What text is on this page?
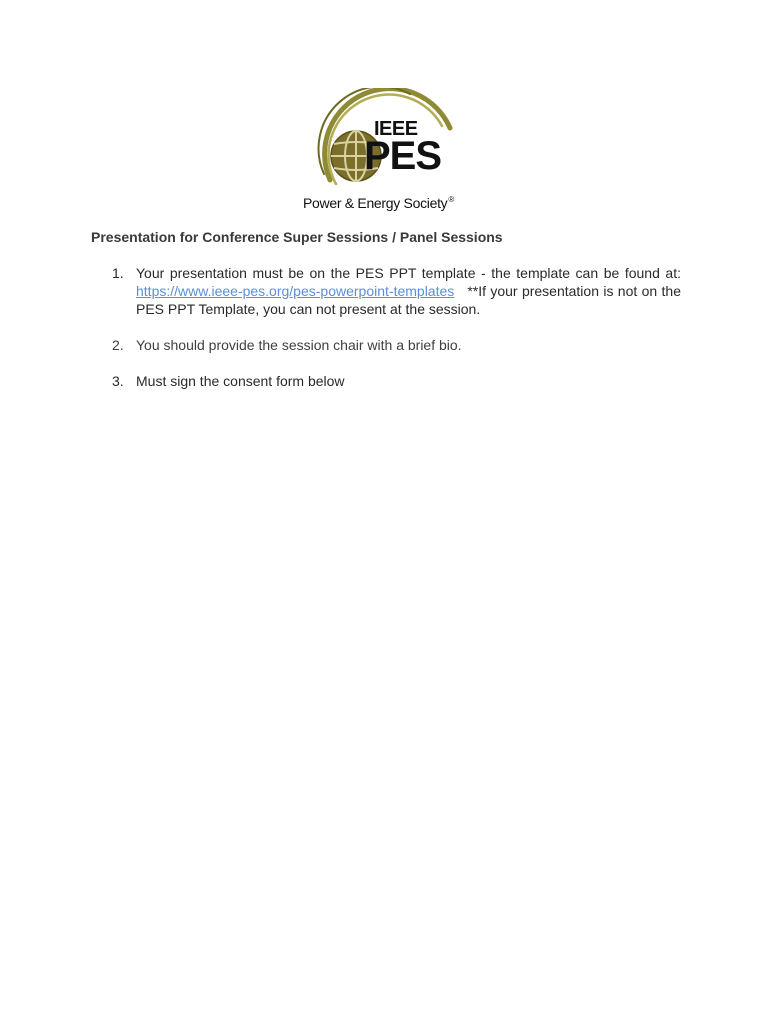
IEEE
PES
Power & Energy Society®
Presentation for Conference Super Sessions / Panel Sessions
1. Your presentation must be on the PES PPT template - the template can be found at: https://www.ieee-pes.org/pes-powerpoint-templates   **If your presentation is not on the PES PPT Template, you can not present at the session.
2. You should provide the session chair with a brief bio.
3. Must sign the consent form below
